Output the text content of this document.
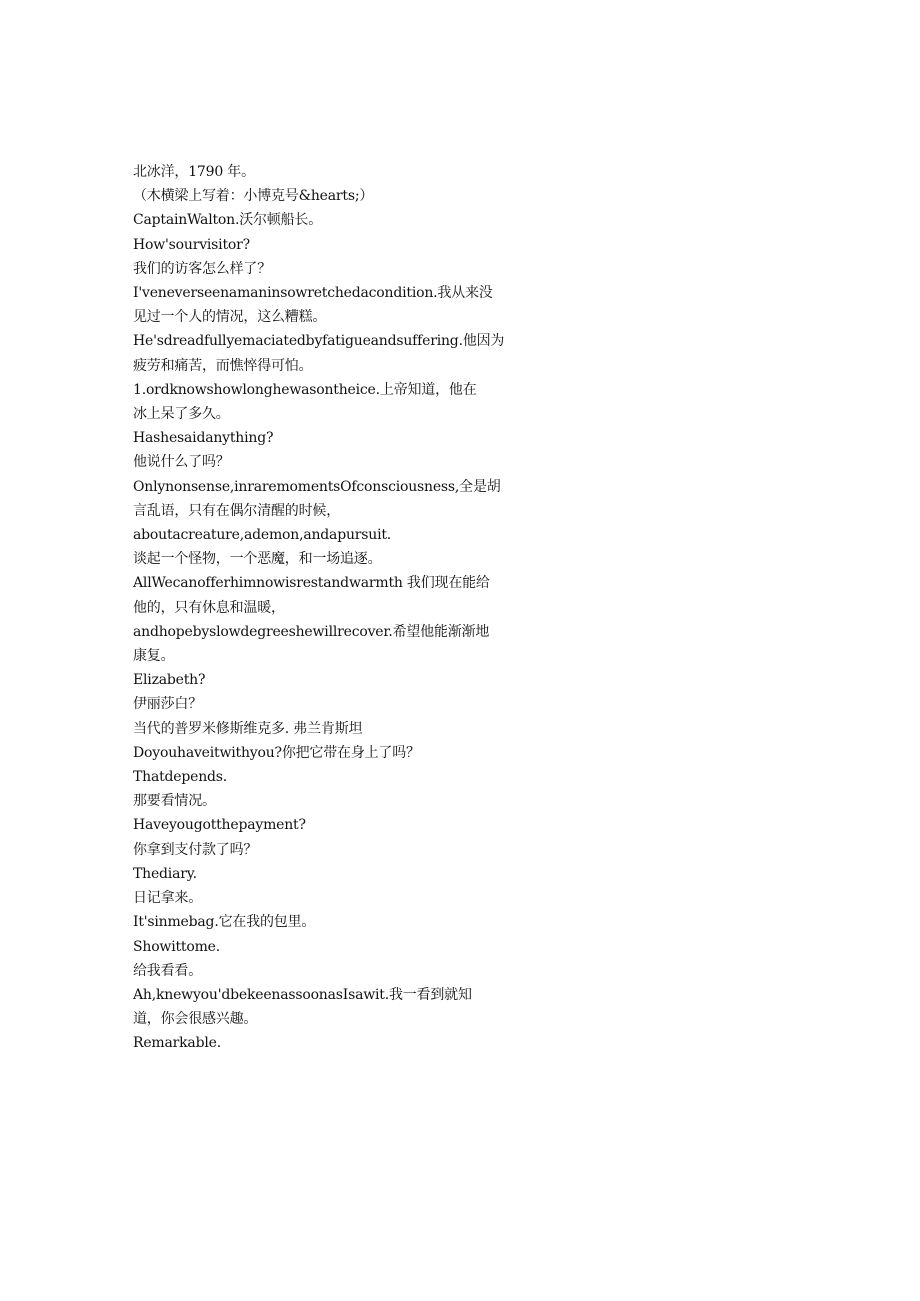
北冰洋，1790 年。
（木横梁上写着：小博克号&hearts;）
CaptainWalton.沃尔顿船长。
How'sourvisitor?
我们的访客怎么样了？
I'veneverseenamaninsowretchedacondition.我从来没
见过一个人的情况，这么糟糕。
He'sdreadfullyemaciatedbyfatigueandsuffering.他因为
疲劳和痛苦，而憔悴得可怕。
1.ordknowshowlonghewasontheice.上帝知道，他在
冰上呆了多久。
Hashesaidanything?
他说什么了吗？
Onlynonsense,inraremomentsOfconsciousness,全是胡
言乱语，只有在偶尔清醒的时候，
aboutacreature,ademon,andapursuit.
谈起一个怪物，一个恶魔，和一场追逐。
AllWecanofferhimnowisrestandwarmth 我们现在能给
他的，只有休息和温暖，
andhopebyslowdegreeshewillrecover.希望他能渐渐地
康复。
Elizabeth?
伊丽莎白？
当代的普罗米修斯维克多. 弗兰肯斯坦
Doyouhaveitwithyou?你把它带在身上了吗？
Thatdepends.
那要看情况。
Haveyougotthepayment?
你拿到支付款了吗？
Thediary.
日记拿来。
It'sinmebag.它在我的包里。
Showittome.
给我看看。
Ah,knewyou'dbekeenassoonasIsawit.我一看到就知
道，你会很感兴趣。
Remarkable.
